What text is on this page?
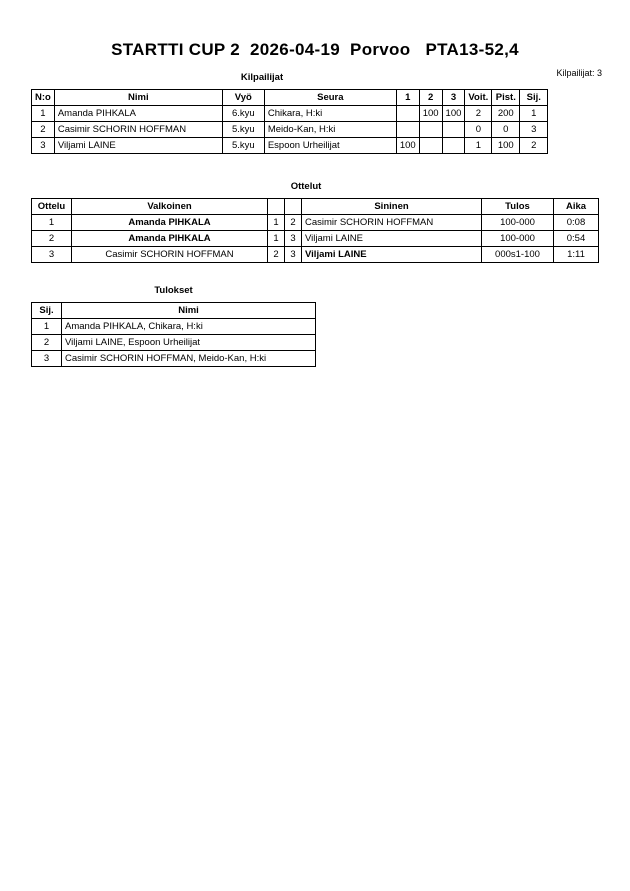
STARTTI CUP 2  2026-04-19  Porvoo   PTA13-52,4
Kilpailijat: 3
Kilpailijat
N:o	Nimi	Vyö	Seura	1	2	3	Voit.	Pist.	Sij.
1	Amanda PIHKALA	6.kyu	Chikara, H:ki		100	100	2	200	1
2	Casimir SCHORIN HOFFMAN	5.kyu	Meido-Kan, H:ki				0	0	3
3	Viljami LAINE	5.kyu	Espoon Urheilijat	100			1	100	2
Ottelut
Ottelu	Valkoinen			Sininen	Tulos	Aika
1	Amanda PIHKALA	1	2	Casimir SCHORIN HOFFMAN	100-000	0:08
2	Amanda PIHKALA	1	3	Viljami LAINE	100-000	0:54
3	Casimir SCHORIN HOFFMAN	2	3	Viljami LAINE	000s1-100	1:11
Tulokset
Sij.	Nimi
1	Amanda PIHKALA, Chikara, H:ki
2	Viljami LAINE, Espoon Urheilijat
3	Casimir SCHORIN HOFFMAN, Meido-Kan, H:ki
